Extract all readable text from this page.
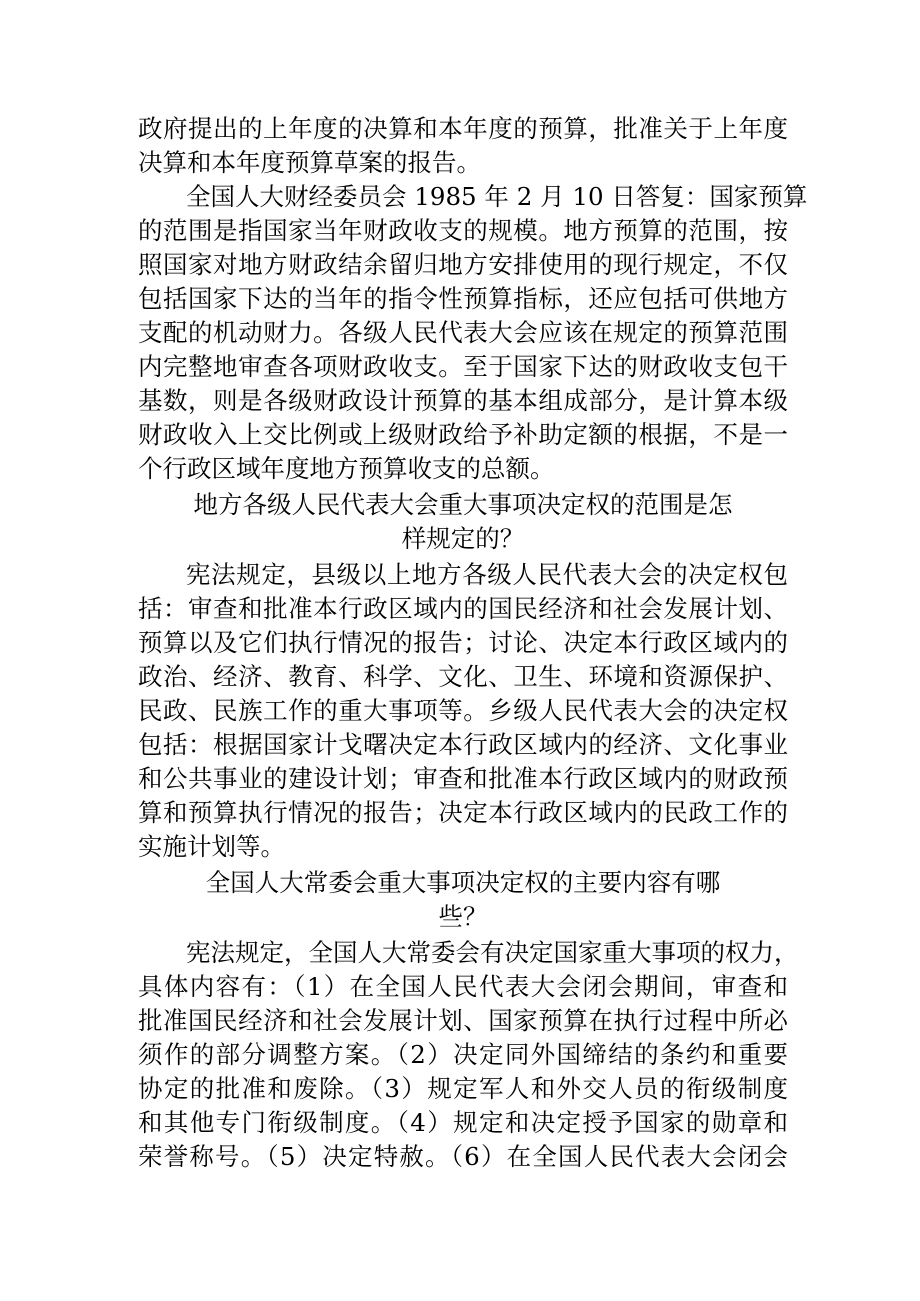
政府提出的上年度的决算和本年度的预算，批准关于上年度
决算和本年度预算草案的报告。
全国人大财经委员会 1985 年 2 月 10 日答复：国家预算
的范围是指国家当年财政收支的规模。地方预算的范围，按
照国家对地方财政结余留归地方安排使用的现行规定，不仅
包括国家下达的当年的指令性预算指标，还应包括可供地方
支配的机动财力。各级人民代表大会应该在规定的预算范围
内完整地审查各项财政收支。至于国家下达的财政收支包干
基数，则是各级财政设计预算的基本组成部分，是计算本级
财政收入上交比例或上级财政给予补助定额的根据，不是一
个行政区域年度地方预算收支的总额。
地方各级人民代表大会重大事项决定权的范围是怎
样规定的？
宪法规定，县级以上地方各级人民代表大会的决定权包
括：审查和批准本行政区域内的国民经济和社会发展计划、
预算以及它们执行情况的报告；讨论、决定本行政区域内的
政治、经济、教育、科学、文化、卫生、环境和资源保护、
民政、民族工作的重大事项等。乡级人民代表大会的决定权
包括：根据国家计戈曙决定本行政区域内的经济、文化事业
和公共事业的建设计划；审查和批准本行政区域内的财政预
算和预算执行情况的报告；决定本行政区域内的民政工作的
实施计划等。
全国人大常委会重大事项决定权的主要内容有哪
些？
宪法规定，全国人大常委会有决定国家重大事项的权力，
具体内容有：（1）在全国人民代表大会闭会期间，审查和
批准国民经济和社会发展计划、国家预算在执行过程中所必
须作的部分调整方案。（2）决定同外国缔结的条约和重要
协定的批准和废除。（3）规定军人和外交人员的衔级制度
和其他专门衔级制度。（4）规定和决定授予国家的勋章和
荣誉称号。（5）决定特赦。（6）在全国人民代表大会闭会
